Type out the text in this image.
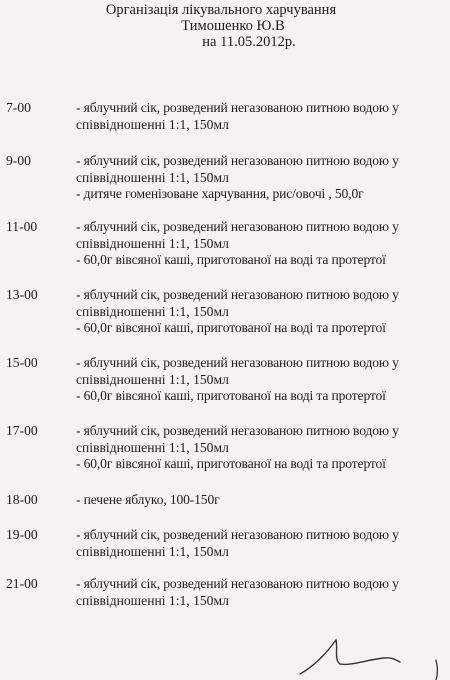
Організація лікувального харчування
Тимошенко Ю.В
на 11.05.2012р.
7-00	- яблучний сік, розведений негазованою питною водою у
співвідношенні 1:1, 150мл
9-00	- яблучний сік, розведений негазованою питною водою у
співвідношенні 1:1, 150мл
- дитяче гоменізоване харчування, рис/овочі , 50,0г
11-00	- яблучний сік, розведений негазованою питною водою у
співвідношенні 1:1, 150мл
- 60,0г вівсяної каші, приготованої на воді та протертої
13-00	- яблучний сік, розведений негазованою питною водою у
співвідношенні 1:1, 150мл
- 60,0г вівсяної каші, приготованої на воді та протертої
15-00	- яблучний сік, розведений негазованою питною водою у
співвідношенні 1:1, 150мл
- 60,0г вівсяної каші, приготованої на воді та протертої
17-00	- яблучний сік, розведений негазованою питною водою у
співвідношенні 1:1, 150мл
- 60,0г вівсяної каші, приготованої на воді та протертої
18-00	- печене яблуко, 100-150г
19-00	- яблучний сік, розведений негазованою питною водою у
співвідношенні 1:1, 150мл
21-00	- яблучний сік, розведений негазованою питною водою у
співвідношенні 1:1, 150мл
